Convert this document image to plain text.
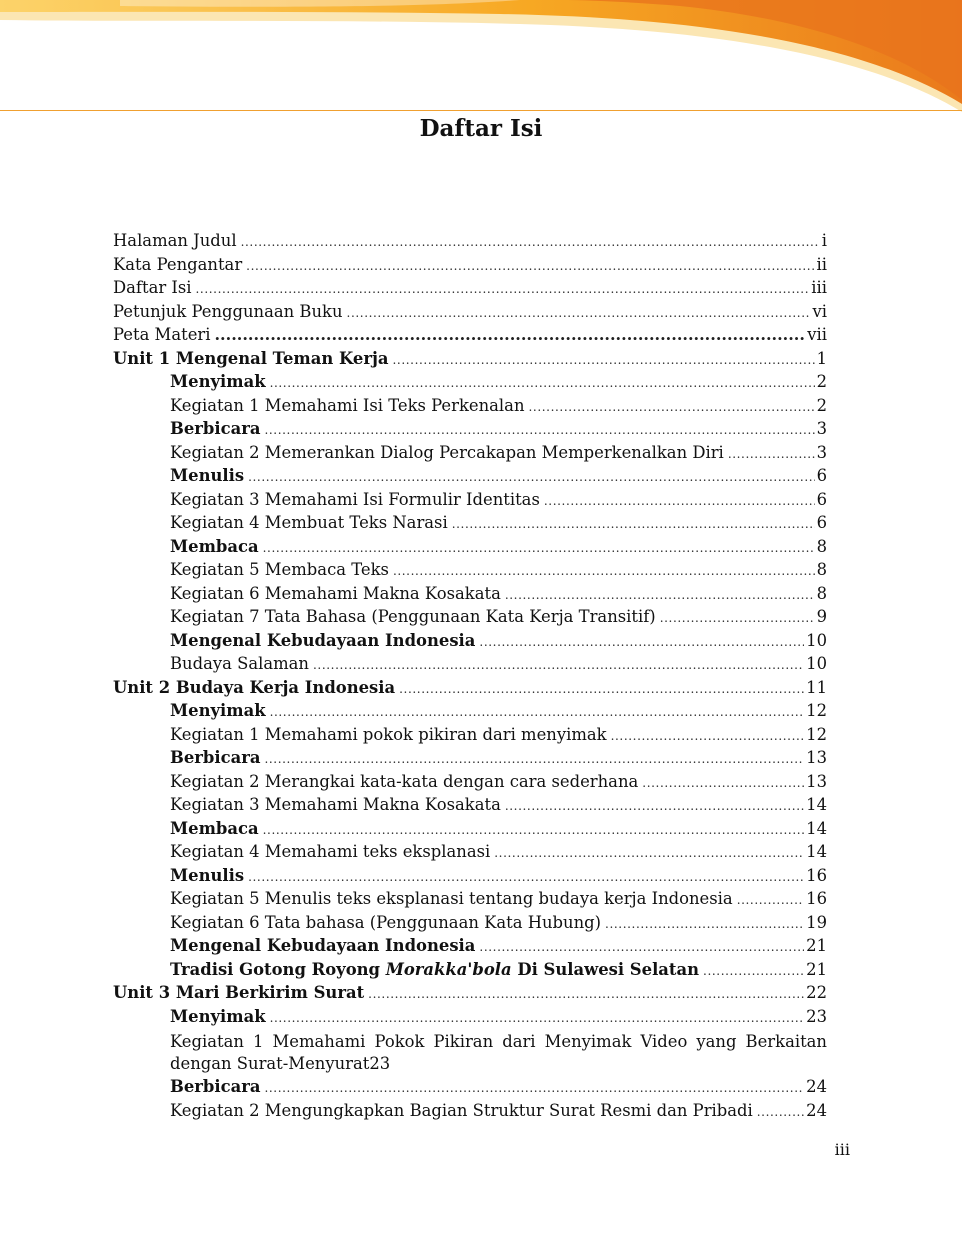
Daftar Isi
Halaman Judul .....	i
Kata Pengantar .....	ii
Daftar Isi .....	iii
Petunjuk Penggunaan Buku .....	vi
Peta Materi .....	vii
Unit 1 Mengenal Teman Kerja .....	1
Menyimak .....	2
Kegiatan 1 Memahami Isi Teks Perkenalan .....	2
Berbicara .....	3
Kegiatan 2 Memerankan Dialog Percakapan Memperkenalkan Diri .....	3
Menulis .....	6
Kegiatan 3 Memahami Isi Formulir Identitas .....	6
Kegiatan 4 Membuat Teks Narasi .....	6
Membaca .....	8
Kegiatan 5 Membaca Teks .....	8
Kegiatan 6 Memahami Makna Kosakata .....	8
Kegiatan 7 Tata Bahasa (Penggunaan Kata Kerja Transitif) .....	9
Mengenal Kebudayaan Indonesia .....	10
Budaya Salaman .....	10
Unit 2 Budaya Kerja Indonesia .....	11
Menyimak .....	12
Kegiatan 1 Memahami pokok pikiran dari menyimak .....	12
Berbicara .....	13
Kegiatan 2 Merangkai kata-kata dengan cara sederhana .....	13
Kegiatan 3 Memahami Makna Kosakata .....	14
Membaca .....	14
Kegiatan 4 Memahami teks eksplanasi .....	14
Menulis .....	16
Kegiatan 5 Menulis teks eksplanasi tentang budaya kerja Indonesia .....	16
Kegiatan 6 Tata bahasa (Penggunaan Kata Hubung) .....	19
Mengenal Kebudayaan Indonesia .....	21
Tradisi Gotong Royong Morakka'bola Di Sulawesi Selatan .....	21
Unit 3 Mari Berkirim Surat .....	22
Menyimak .....	23
Kegiatan 1 Memahami Pokok Pikiran dari Menyimak Video yang Berkaitan
dengan Surat-Menyurat 23
Berbicara .....	24
Kegiatan 2 Mengungkapkan Bagian Struktur Surat Resmi dan Pribadi .....	24
iii
